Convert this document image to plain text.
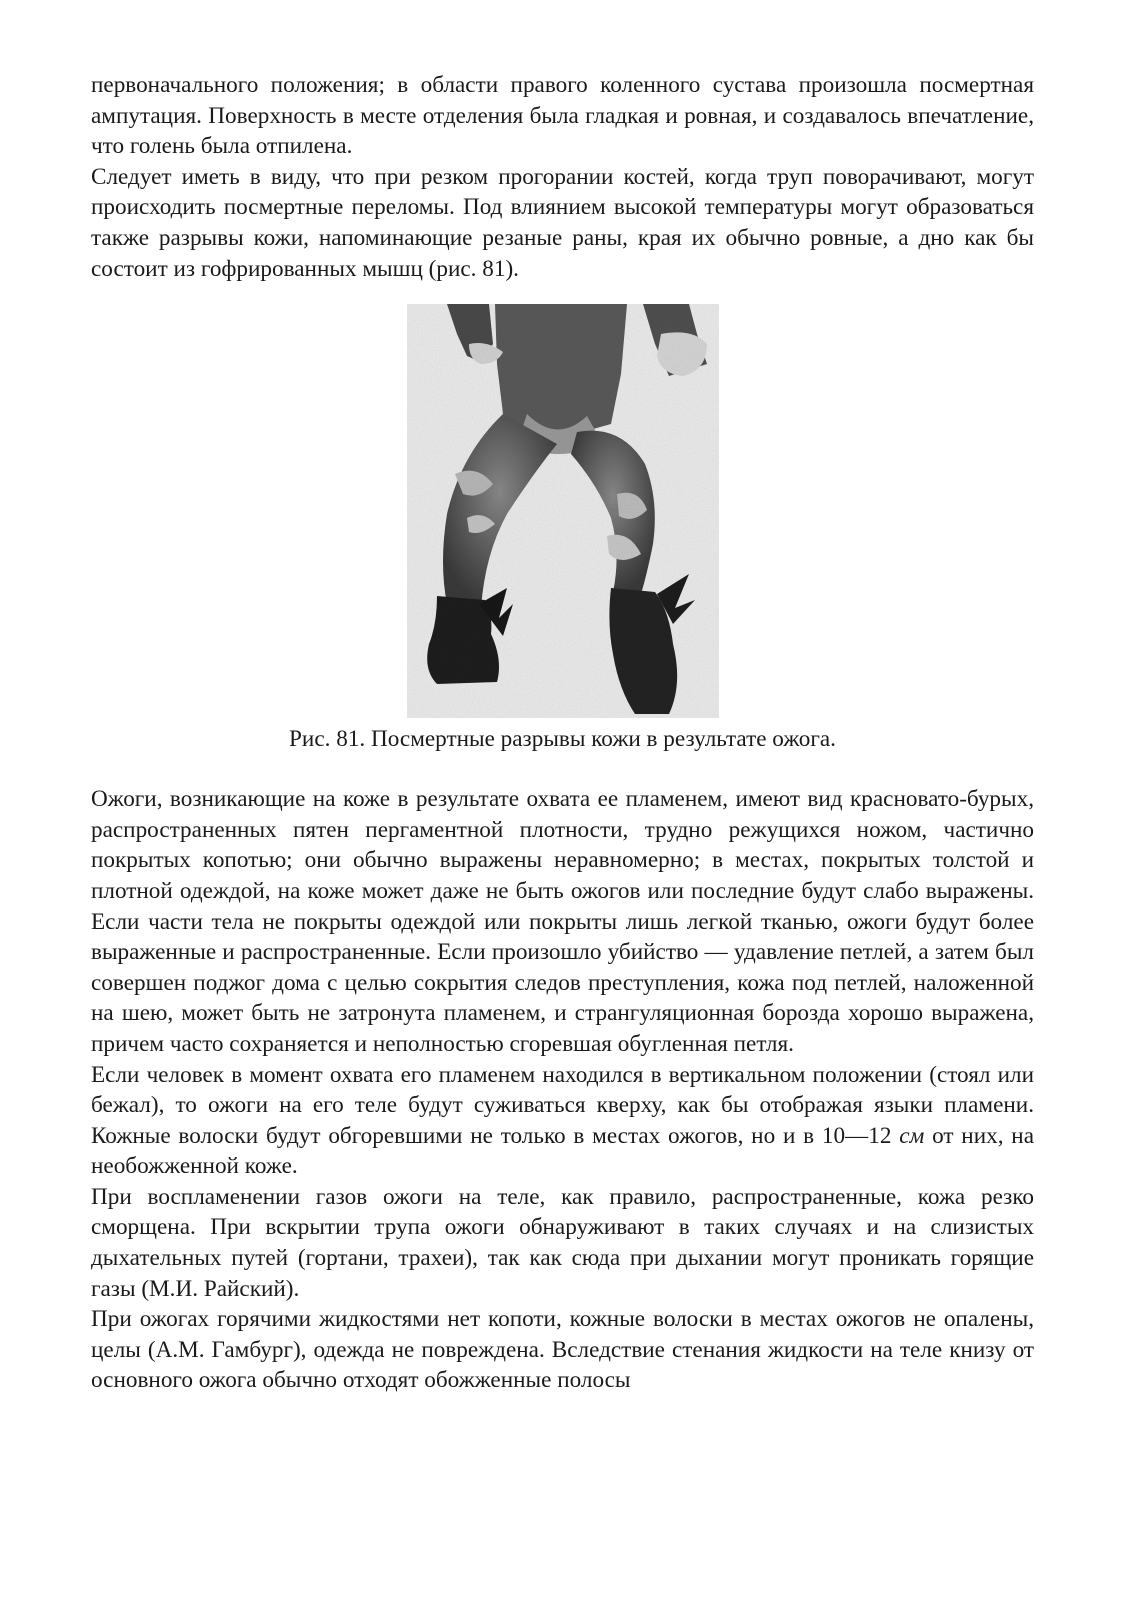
первоначального положения; в области правого коленного сустава произошла посмертная ампутация. Поверхность в месте отделения была гладкая и ровная, и создавалось впечатление, что голень была отпилена.

Следует иметь в виду, что при резком прогорании костей, когда труп поворачивают, могут происходить посмертные переломы. Под влиянием высокой температуры могут образоваться также разрывы кожи, напоминающие резаные раны, края их обычно ровные, а дно как бы состоит из гофрированных мышц (рис. 81).

Рис. 81. Посмертные разрывы кожи в результате ожога.

Ожоги, возникающие на коже в результате охвата ее пламенем, имеют вид красновато-бурых, распространенных пятен пергаментной плотности, трудно режущихся ножом, частично покрытых копотью; они обычно выражены неравномерно; в местах, покрытых толстой и плотной одеждой, на коже может даже не быть ожогов или последние будут слабо выражены. Если части тела не покрыты одеждой или покрыты лишь легкой тканью, ожоги будут более выраженные и распространенные. Если произошло убийство — удавление петлей, а затем был совершен поджог дома с целью сокрытия следов преступления, кожа под петлей, наложенной на шею, может быть не затронута пламенем, и странгуляционная борозда хорошо выражена, причем часто сохраняется и неполностью сгоревшая обугленная петля.

Если человек в момент охвата его пламенем находился в вертикальном положении (стоял или бежал), то ожоги на его теле будут суживаться кверху, как бы отображая языки пламени. Кожные волоски будут обгоревшими не только в местах ожогов, но и в 10—12 см от них, на необожженной коже.

При воспламенении газов ожоги на теле, как правило, распространенные, кожа резко сморщена. При вскрытии трупа ожоги обнаруживают в таких случаях и на слизистых дыхательных путей (гортани, трахеи), так как сюда при дыхании могут проникать горящие газы (М.И. Райский).

При ожогах горячими жидкостями нет копоти, кожные волоски в местах ожогов не опалены, целы (А.М. Гамбург), одежда не повреждена. Вследствие стенания жидкости на теле книзу от основного ожога обычно отходят обожженные полосы
